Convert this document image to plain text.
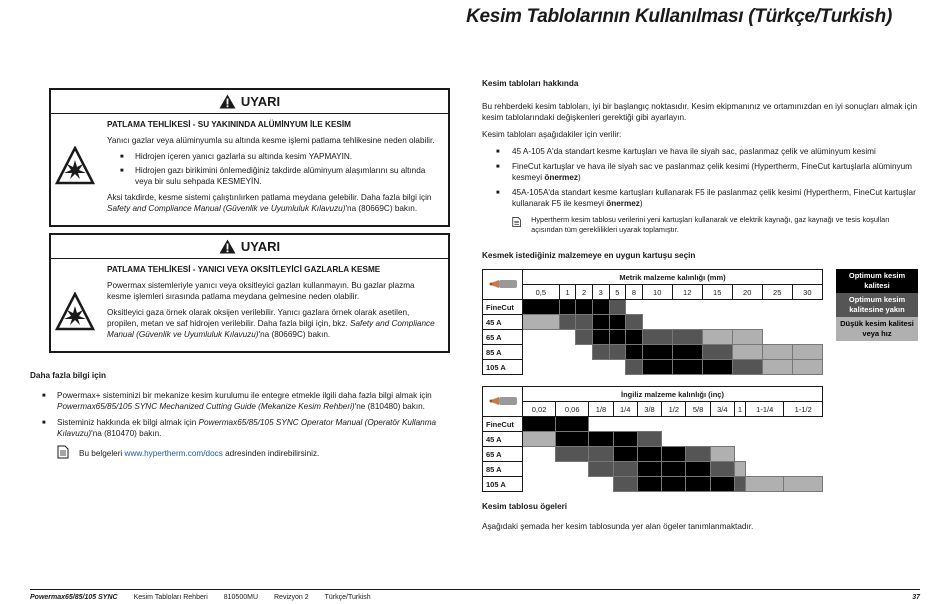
Kesim Tablolarının Kullanılması (Türkçe/Turkish)
UYARI
PATLAMA TEHLİKESİ - SU YAKININDA ALÜMİNYUM İLE KESİM

Yanıcı gazlar veya alüminyumla su altında kesme işlemi patlama tehlikesine neden olabilir.

■ Hidrojen içeren yanıcı gazlarla su altında kesim YAPMAYIN.
■ Hidrojen gazı birikimini önlemediğiniz takdirde alüminyum alaşımlarını su altında veya bir sulu sehpada KESMEYİN.

Aksi takdirde, kesme sistemi çalıştırılırken patlama meydana gelebilir. Daha fazla bilgi için Safety and Compliance Manual (Güvenlik ve Uyumluluk Kılavuzu)'na (80669C) bakın.

UYARI
PATLAMA TEHLİKESİ - YANICI VEYA OKSİTLEYİCİ GAZLARLA KESME

Powermax sistemleriyle yanıcı veya oksitleyici gazları kullanmayın. Bu gazlar plazma kesme işlemleri sırasında patlama meydana gelmesine neden olabilir.

Oksitleyici gaza örnek olarak oksijen verilebilir. Yanıcı gazlara örnek olarak asetilen, propilen, metan ve saf hidrojen verilebilir. Daha fazla bilgi için, bkz. Safety and Compliance Manual (Güvenlik ve Uyumluluk Kılavuzu)'na (80669C) bakın.

Daha fazla bilgi için
■ Powermax+ sisteminizi bir mekanize kesim kurulumu ile entegre etmekle ilgili daha fazla bilgi almak için Powermax65/85/105 SYNC Mechanized Cutting Guide (Mekanize Kesim Rehberi)'ne (810480) bakın.
■ Sisteminiz hakkında ek bilgi almak için Powermax65/85/105 SYNC Operator Manual (Operatör Kullanma Kılavuzu)'na (810470) bakın.
Bu belgeleri www.hypertherm.com/docs adresinden indirebilirsiniz.

Kesim tabloları hakkında

Bu rehberdeki kesim tabloları, iyi bir başlangıç noktasıdır. Kesim ekipmanınız ve ortamınızdan en iyi sonuçları almak için kesim tablolarındaki değişkenleri gerektiği gibi ayarlayın.

Kesim tabloları aşağıdakiler için verilir:

■ 45 A-105 A'da standart kesme kartuşları ve hava ile siyah sac, paslanmaz çelik ve alüminyum kesimi
■ FineCut kartuşlar ve hava ile siyah sac ve paslanmaz çelik kesimi (Hypertherm, FineCut kartuşlarla alüminyum kesmeyi önermez)
■ 45A-105A'da standart kesme kartuşları kullanarak F5 ile paslanmaz çelik kesimi (Hypertherm, FineCut kartuşlar kullanarak F5 ile kesmeyi önermez)
Hypertherm kesim tablosu verilerini yeni kartuşları kullanarak ve elektrik kaynağı, gaz kaynağı ve tesis koşulları açısından tüm gereklilikleri uyarak toplamıştır.
Kesmek istediğiniz malzemeye en uygun kartuşu seçin
	Metrik malzeme kalınlığı (mm)											
	0,5	1	2	3	5	8	10	12	15	20	25	30
FineCut												
45 A												
65 A												
85 A												
105 A												
Optimum kesim kalitesi
Optimum kesim kalitesine yakın
Düşük kesim kalitesi veya hız
	İngiliz malzeme kalınlığı (inç)										
	0,02	0,06	1/8	1/4	3/8	1/2	5/8	3/4	1	1-1/4	1-1/2
FineCut											
45 A											
65 A											
85 A											
105 A											
Kesim tablosu ögeleri
Aşağıdaki şemada her kesim tablosunda yer alan ögeler tanımlanmaktadır.
Powermax65/85/105 SYNC Kesim Tabloları Rehberi 810500MU Revizyon 2 Türkçe/Turkish	37
